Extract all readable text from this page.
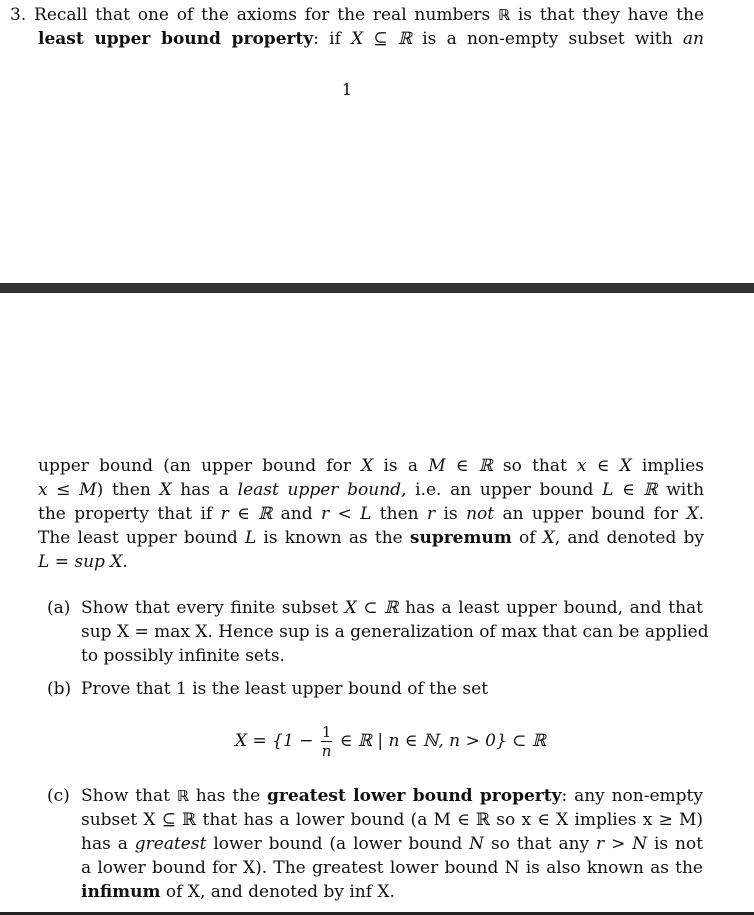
3. Recall that one of the axioms for the real numbers ℝ is that they have the
least upper bound property: if X ⊆ ℝ is a non-empty subset with an
1
upper bound (an upper bound for X is a M ∈ ℝ so that x ∈ X implies
x ≤ M) then X has a least upper bound, i.e. an upper bound L ∈ ℝ with
the property that if r ∈ ℝ and r < L then r is not an upper bound for X.
The least upper bound L is known as the supremum of X, and denoted by
L = sup X.
(a) Show that every finite subset X ⊂ ℝ has a least upper bound, and that
sup X = max X. Hence sup is a generalization of max that can be applied
to possibly infinite sets.
(b) Prove that 1 is the least upper bound of the set
$X = \{1 - \frac{1}{n}$ ∈ ℝ | n ∈ ℕ, n > 0} ⊂ ℝ
(c) Show that ℝ has the greatest lower bound property: any non-empty
subset X ⊆ ℝ that has a lower bound (a M ∈ ℝ so x ∈ X implies x ≥ M)
has a greatest lower bound (a lower bound N so that any r > N is not
a lower bound for X). The greatest lower bound N is also known as the
infimum of X, and denoted by inf X.
